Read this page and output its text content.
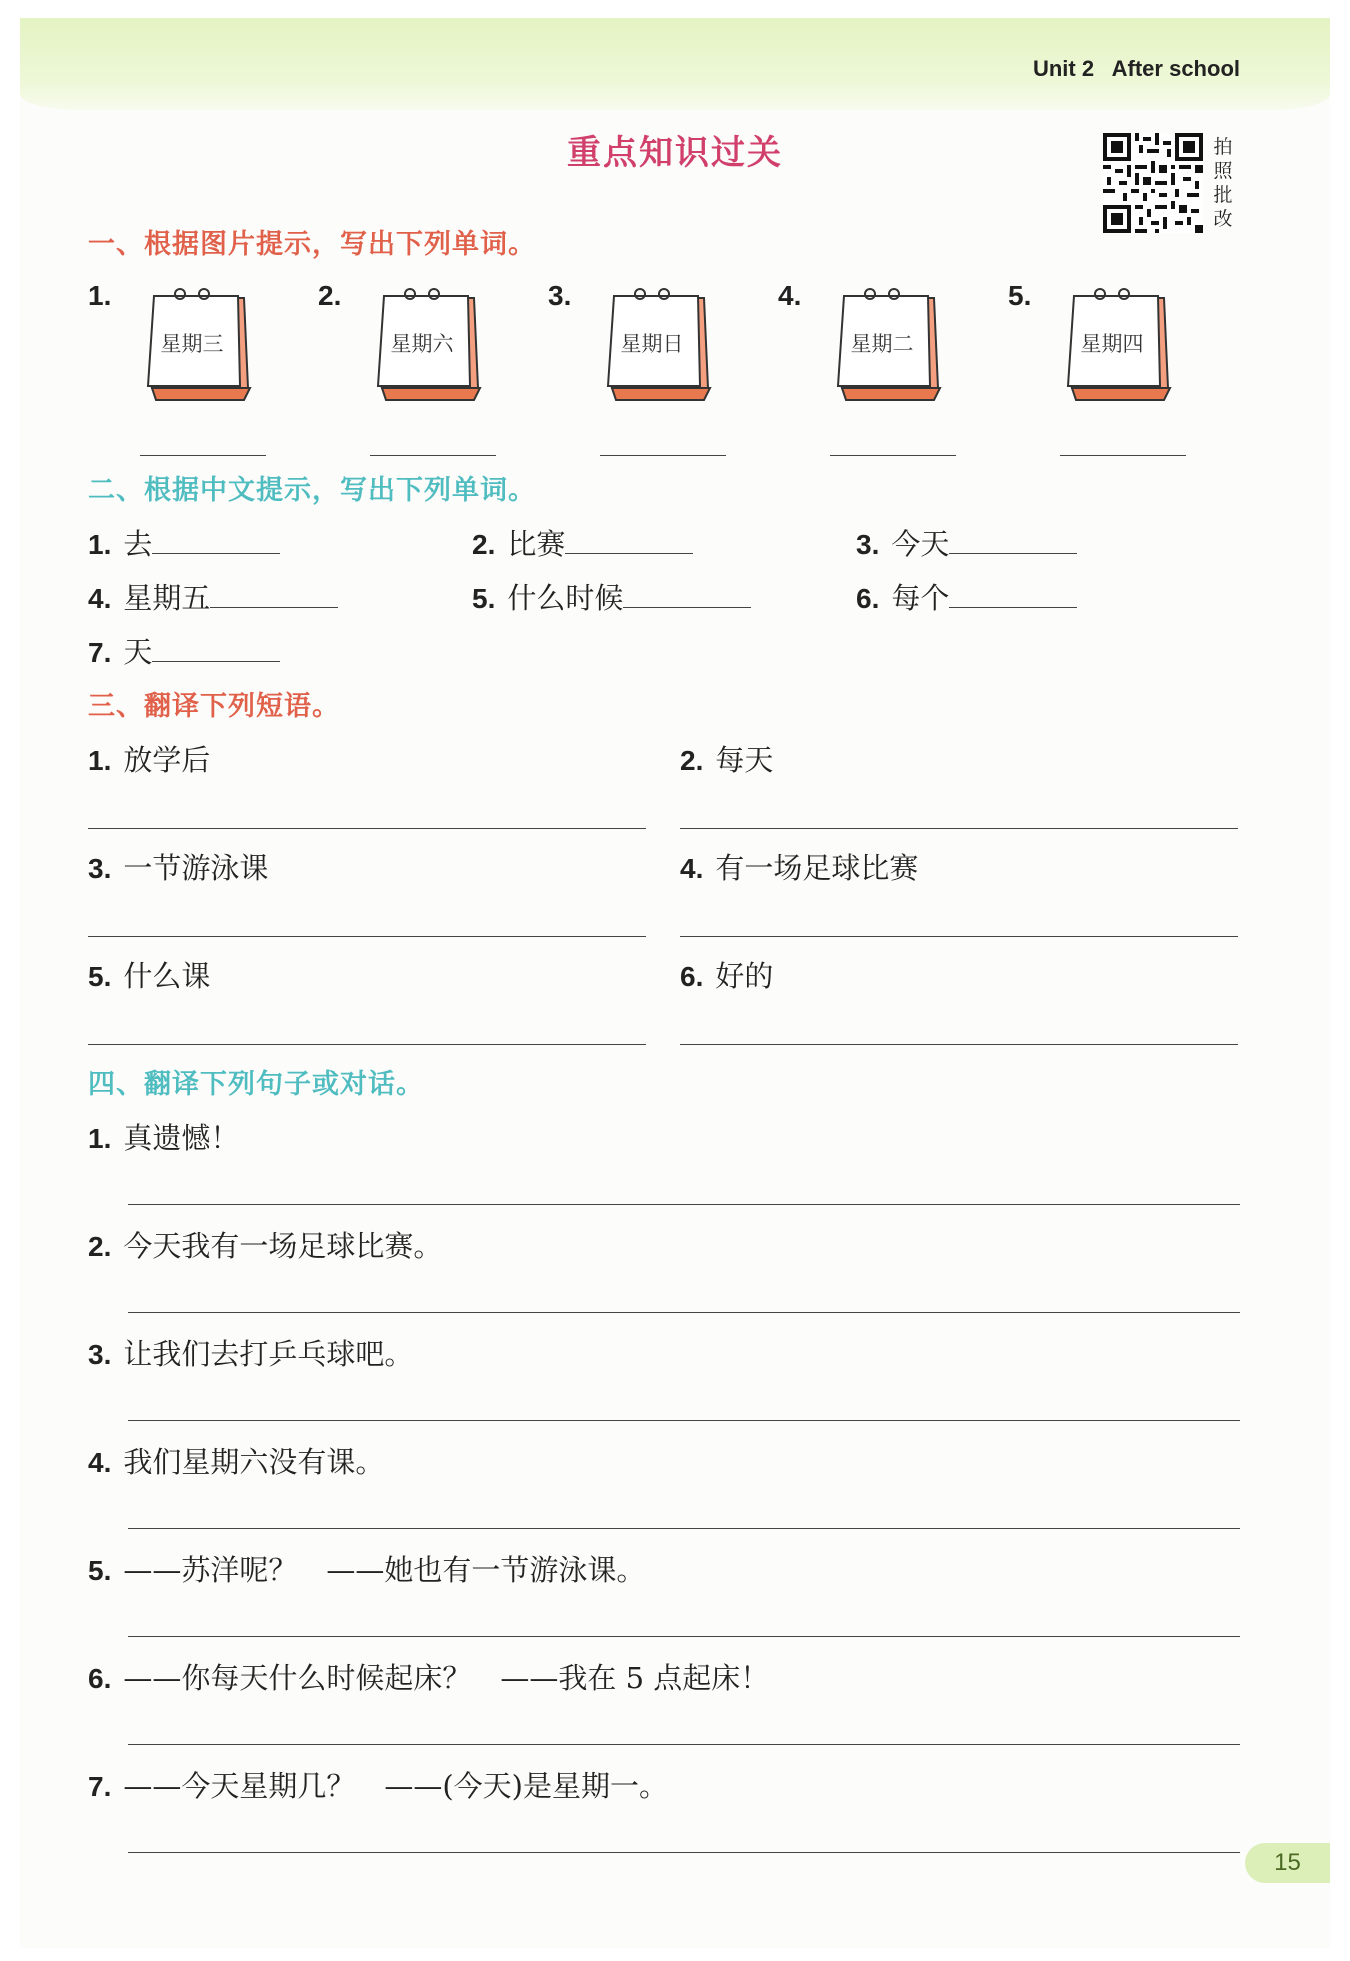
Unit 2 After school
重点知识过关	拍
照
批
改
一、根据图片提示，写出下列单词。
1.
星期三
2.
星期六
3.
星期日
4.
星期二
5.
星期四
二、根据中文提示，写出下列单词。
1. 去	2. 比赛	3. 今天
4. 星期五	5. 什么时候	6. 每个
7. 天
三、翻译下列短语。
1. 放学后	2. 每天
3. 一节游泳课	4. 有一场足球比赛
5. 什么课	6. 好的
四、翻译下列句子或对话。
1. 真遗憾！
2. 今天我有一场足球比赛。
3. 让我们去打乒乓球吧。
4. 我们星期六没有课。
5. ——苏洋呢？　——她也有一节游泳课。
6. ——你每天什么时候起床？　——我在 5 点起床！
7. ——今天星期几？　——(今天)是星期一。
15
